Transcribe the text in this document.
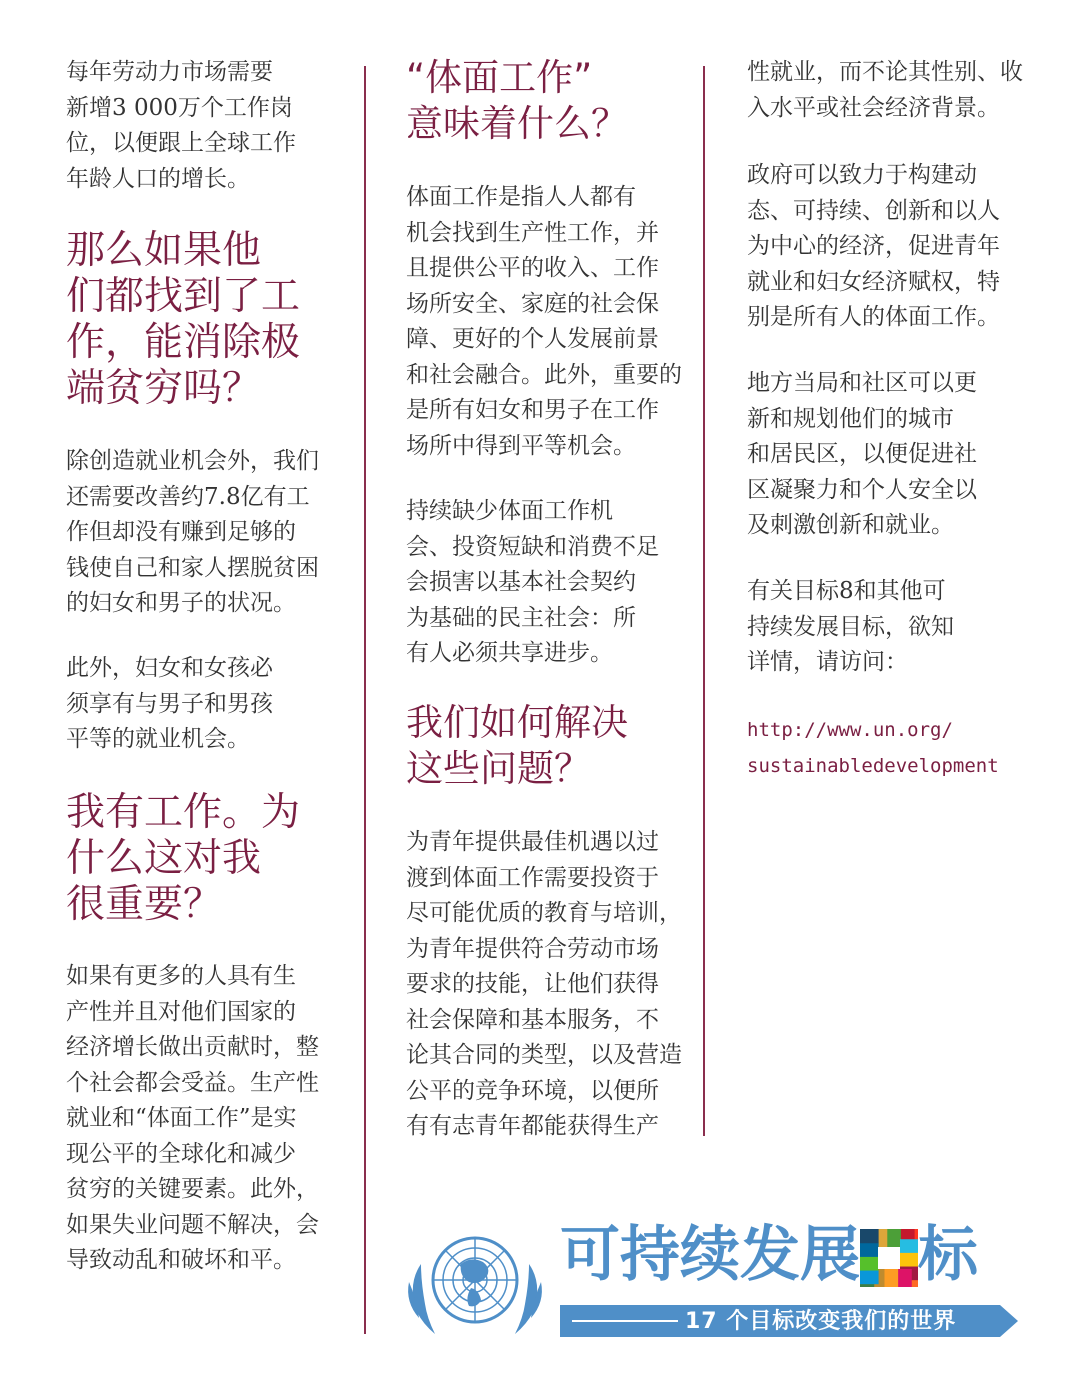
每年劳动力市场需要
新增3 000万个工作岗
位，以便跟上全球工作
年龄人口的增长。

那么如果他
们都找到了工
作，能消除极
端贫穷吗？

除创造就业机会外，我们
还需要改善约7.8亿有工
作但却没有赚到足够的
钱使自己和家人摆脱贫困
的妇女和男子的状况。

此外，妇女和女孩必
须享有与男子和男孩
平等的就业机会。

我有工作。为
什么这对我
很重要？

如果有更多的人具有生
产性并且对他们国家的
经济增长做出贡献时，整
个社会都会受益。生产性
就业和“体面工作”是实
现公平的全球化和减少
贫穷的关键要素。此外，
如果失业问题不解决，会
导致动乱和破坏和平。

“体面工作”
意味着什么？

体面工作是指人人都有
机会找到生产性工作，并
且提供公平的收入、工作
场所安全、家庭的社会保
障、更好的个人发展前景
和社会融合。此外，重要的
是所有妇女和男子在工作
场所中得到平等机会。

持续缺少体面工作机
会、投资短缺和消费不足
会损害以基本社会契约
为基础的民主社会：所
有人必须共享进步。

我们如何解决
这些问题？

为青年提供最佳机遇以过
渡到体面工作需要投资于
尽可能优质的教育与培训，
为青年提供符合劳动市场
要求的技能，让他们获得
社会保障和基本服务，不
论其合同的类型，以及营造
公平的竞争环境，以便所
有有志青年都能获得生产

性就业，而不论其性别、收
入水平或社会经济背景。

政府可以致力于构建动
态、可持续、创新和以人
为中心的经济，促进青年
就业和妇女经济赋权，特
别是所有人的体面工作。

地方当局和社区可以更
新和规划他们的城市
和居民区，以便促进社
区凝聚力和个人安全以
及刺激创新和就业。

有关目标8和其他可
持续发展目标，欲知
详情，请访问：

http://www.un.org/
sustainabledevelopment

可持续发展 标

17 个目标改变我们的世界
